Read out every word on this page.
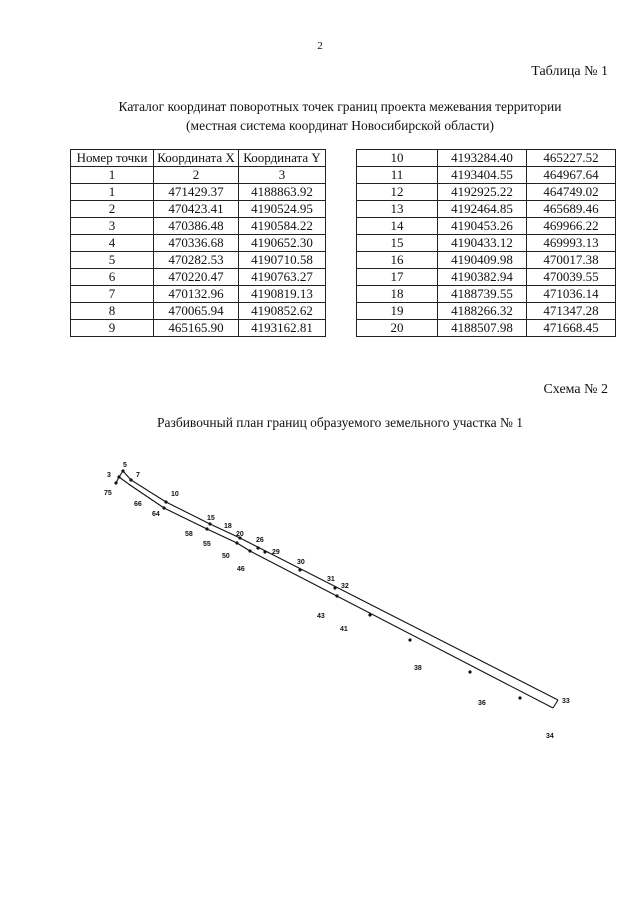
2
Таблица № 1
Каталог координат поворотных точек границ проекта межевания территории
(местная система координат Новосибирской области)
Номер точки	Координата X	Координата Y
1	2	3
1	471429.37	4188863.92
2	470423.41	4190524.95
3	470386.48	4190584.22
4	470336.68	4190652.30
5	470282.53	4190710.58
6	470220.47	4190763.27
7	470132.96	4190819.13
8	470065.94	4190852.62
9	465165.90	4193162.81
10	4193284.40	465227.52
11	4193404.55	464967.64
12	4192925.22	464749.02
13	4192464.85	465689.46
14	4190453.26	469966.22
15	4190433.12	469993.13
16	4190409.98	470017.38
17	4190382.94	470039.55
18	4188739.55	471036.14
19	4188266.32	471347.28
20	4188507.98	471668.45
Схема № 2
Разбивочный план границ образуемого земельного участка № 1
3
5
7
75
66
10
64
15
58
18
20
55
26
50
29
46
30
31
32
43
41
38
36	33
34
